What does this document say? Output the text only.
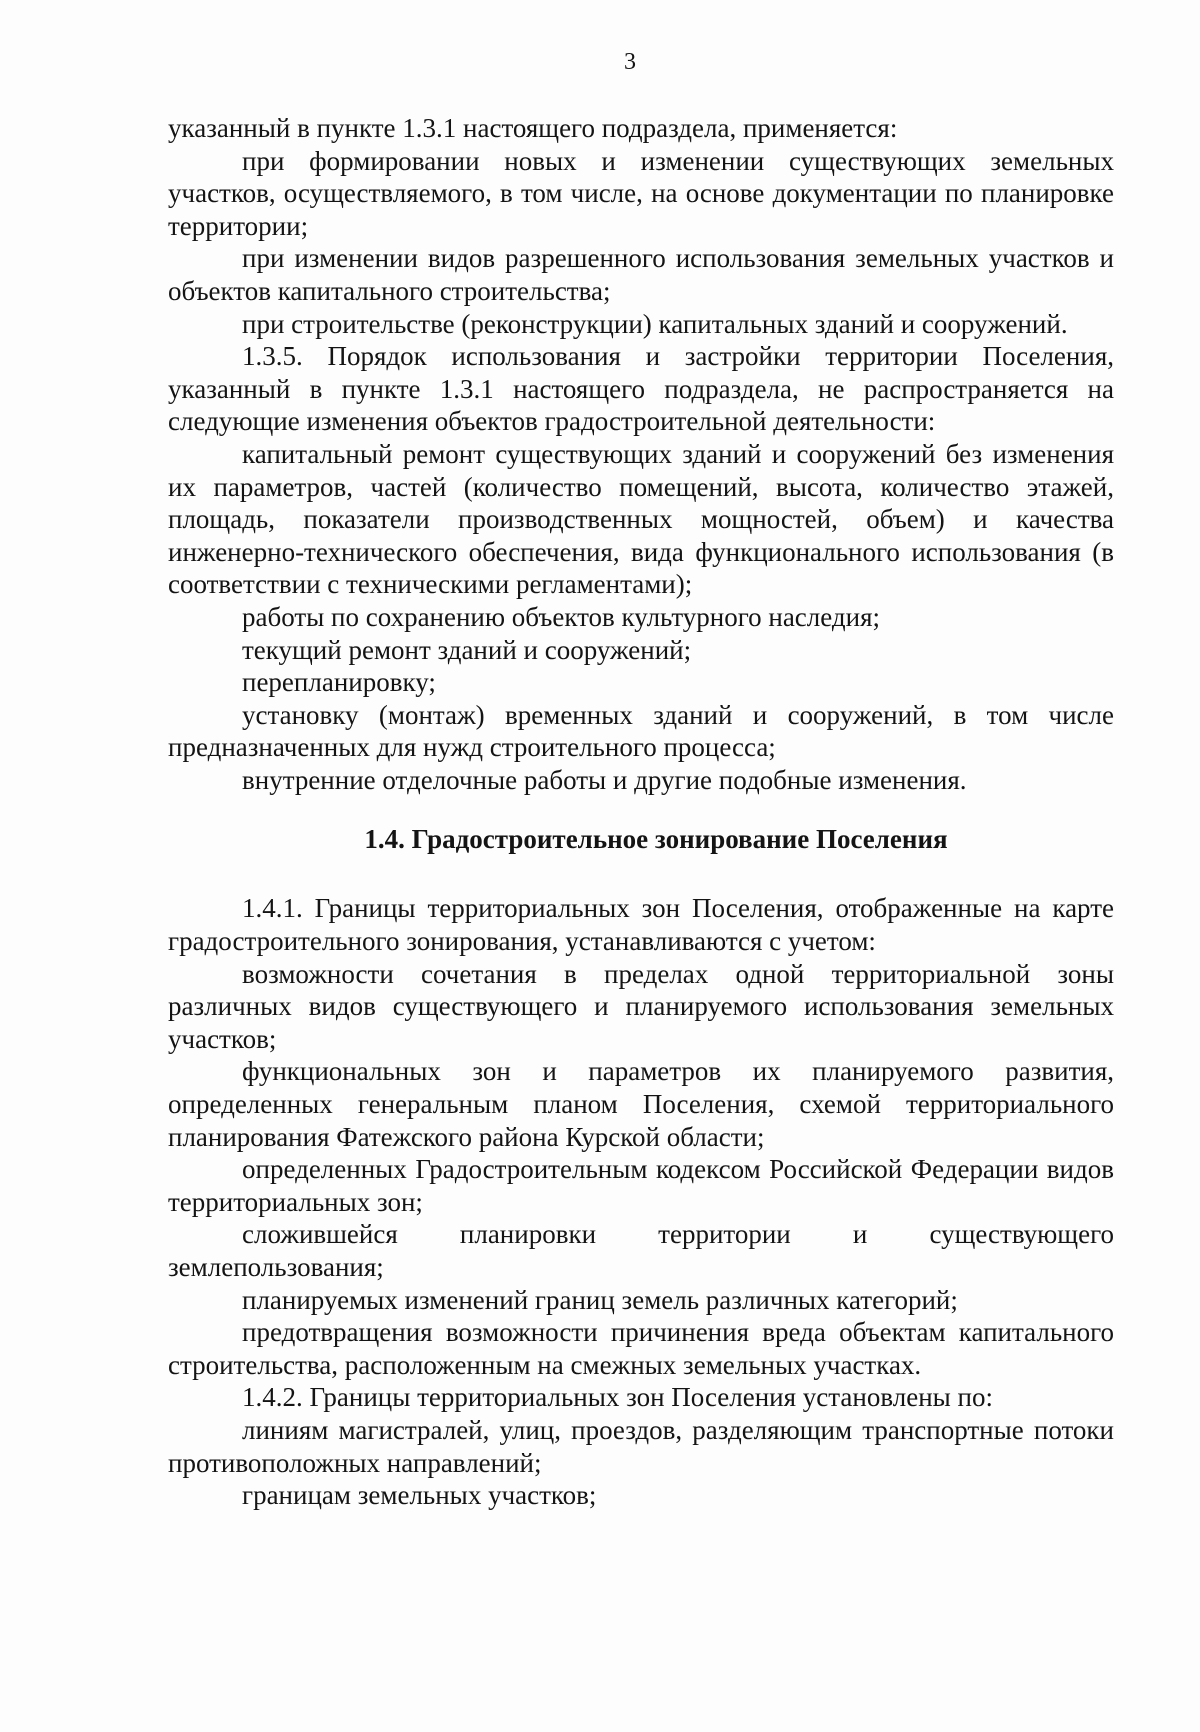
3

указанный в пункте 1.3.1 настоящего подраздела, применяется:

при формировании новых и изменении существующих земельных участков, осуществляемого, в том числе, на основе документации по планировке территории;

при изменении видов разрешенного использования земельных участков и объектов капитального строительства;

при строительстве (реконструкции) капитальных зданий и сооружений.

1.3.5. Порядок использования и застройки территории Поселения, указанный в пункте 1.3.1 настоящего подраздела, не распространяется на следующие изменения объектов градостроительной деятельности:

капитальный ремонт существующих зданий и сооружений без изменения их параметров, частей (количество помещений, высота, количество этажей, площадь, показатели производственных мощностей, объем) и качества инженерно-технического обеспечения, вида функционального использования (в соответствии с техническими регламентами);

работы по сохранению объектов культурного наследия;

текущий ремонт зданий и сооружений;

перепланировку;

установку (монтаж) временных зданий и сооружений, в том числе предназначенных для нужд строительного процесса;

внутренние отделочные работы и другие подобные изменения.

1.4. Градостроительное зонирование Поселения

1.4.1. Границы территориальных зон Поселения, отображенные на карте градостроительного зонирования, устанавливаются с учетом:

возможности сочетания в пределах одной территориальной зоны различных видов существующего и планируемого использования земельных участков;

функциональных зон и параметров их планируемого развития, определенных генеральным планом Поселения, схемой территориального планирования Фатежского района Курской области;

определенных Градостроительным кодексом Российской Федерации видов территориальных зон;

сложившейся планировки территории и существующего землепользования;

планируемых изменений границ земель различных категорий;

предотвращения возможности причинения вреда объектам капитального строительства, расположенным на смежных земельных участках.

1.4.2. Границы территориальных зон Поселения установлены по:

линиям магистралей, улиц, проездов, разделяющим транспортные потоки противоположных направлений;

границам земельных участков;
